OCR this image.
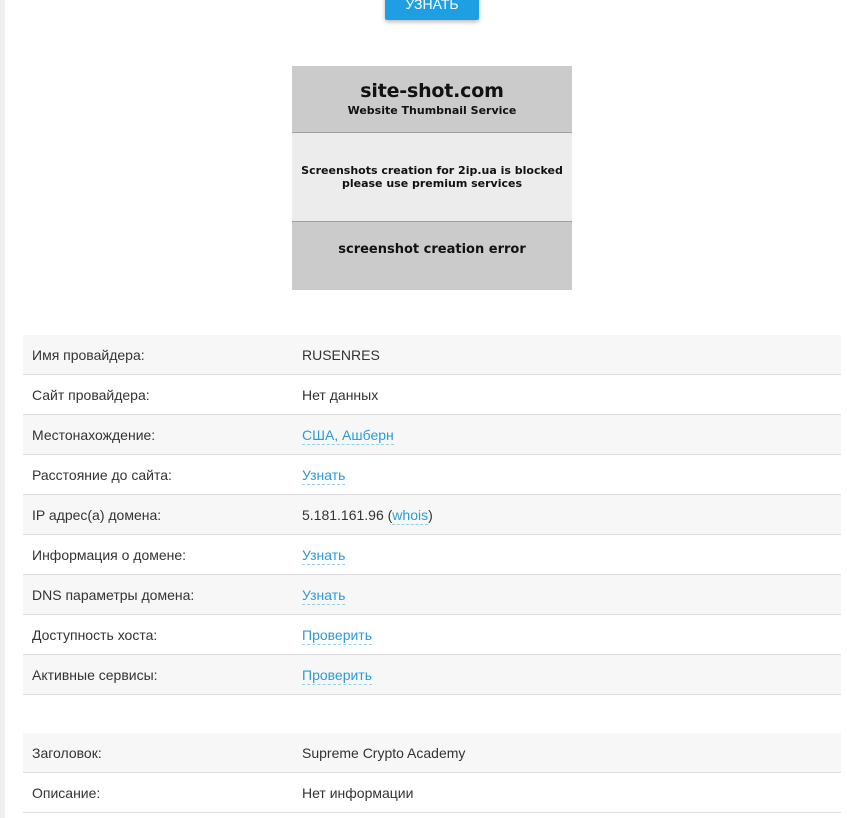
УЗНАТЬ
site-shot.com
Website Thumbnail Service
Screenshots creation for 2ip.ua is blocked
please use premium services
screenshot creation error
Имя провайдера:	RUSENRES
Сайт провайдера:	Нет данных
Местонахождение:	США, Ашберн
Расстояние до сайта:	Узнать
IP адрес(а) домена:	5.181.161.96 (whois)
Информация о домене:	Узнать
DNS параметры домена:	Узнать
Доступность хоста:	Проверить
Активные сервисы:	Проверить
Заголовок:	Supreme Crypto Academy
Описание:	Нет информации
